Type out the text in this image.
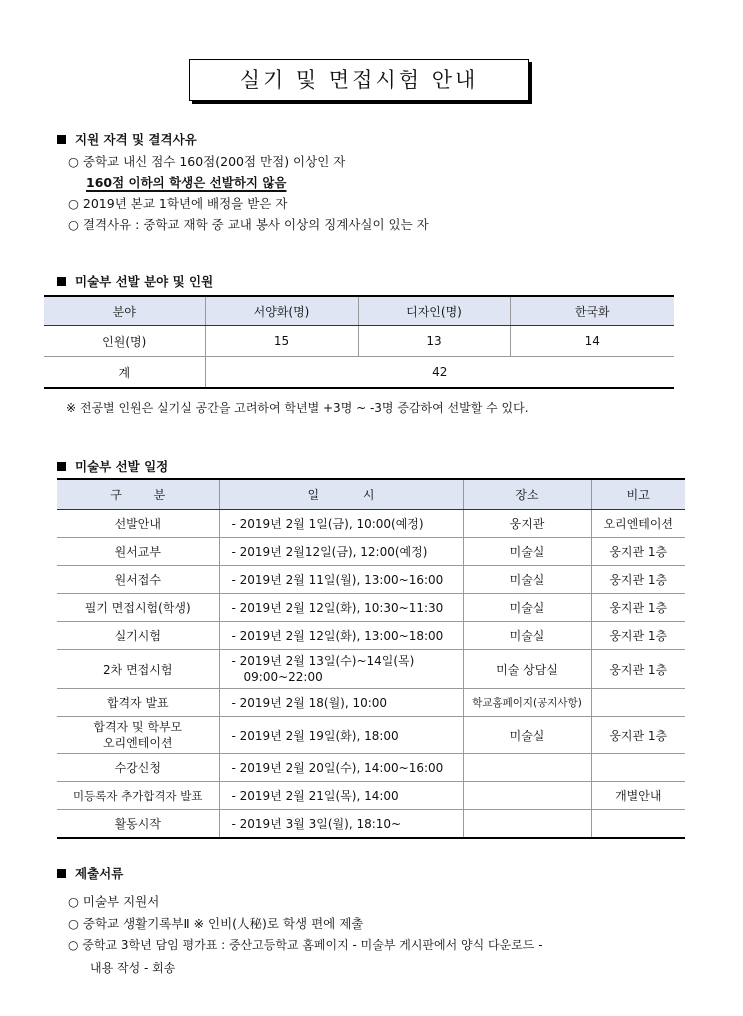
실기 및 면접시험 안내
지원 자격 및 결격사유
○ 중학교 내신 점수 160점(200점 만점) 이상인 자
160점 이하의 학생은 선발하지 않음
○ 2019년 본교 1학년에 배정을 받은 자
○ 결격사유 : 중학교 재학 중 교내 봉사 이상의 징계사실이 있는 자
미술부 선발 분야 및 인원
분야	서양화(명)	디자인(명)	한국화
인원(명)	15	13	14
계	42		
※ 전공별 인원은 실기실 공간을 고려하여 학년별 +3명 ~ -3명 증감하여 선발할 수 있다.
미술부 선발 일정
구 분	일 시	장소	비고
선발안내	- 2019년 2월 1일(금), 10:00(예정)	웅지관	오리엔테이션
원서교부	- 2019년 2월12일(금), 12:00(예정)	미술실	웅지관 1층
원서접수	- 2019년 2월 11일(월), 13:00~16:00	미술실	웅지관 1층
필기 면접시험(학생)	- 2019년 2월 12일(화), 10:30~11:30	미술실	웅지관 1층
실기시험	- 2019년 2월 12일(화), 13:00~18:00	미술실	웅지관 1층
2차 면접시험	- 2019년 2월 13일(수)~14일(목)
09:00~22:00	미술 상담실	웅지관 1층
합격자 발표	- 2019년 2월 18(월), 10:00	학교홈페이지(공지사항)	

합격자 및 학부모
오리엔테이션	- 2019년 2월 19일(화), 18:00	미술실	웅지관 1층
수강신청	- 2019년 2월 20일(수), 14:00~16:00		
미등록자 추가합격자 발표	- 2019년 2월 21일(목), 14:00		개별안내
활동시작	- 2019년 3월 3일(월), 18:10~		
제출서류
○ 미술부 지원서
○ 중학교 생활기록부Ⅱ ※ 인비(人秘)로 학생 편에 제출
○ 중학교 3학년 담임 평가표 : 중산고등학교 홈페이지 - 미술부 게시판에서 양식 다운로드 -
내용 작성 - 회송
